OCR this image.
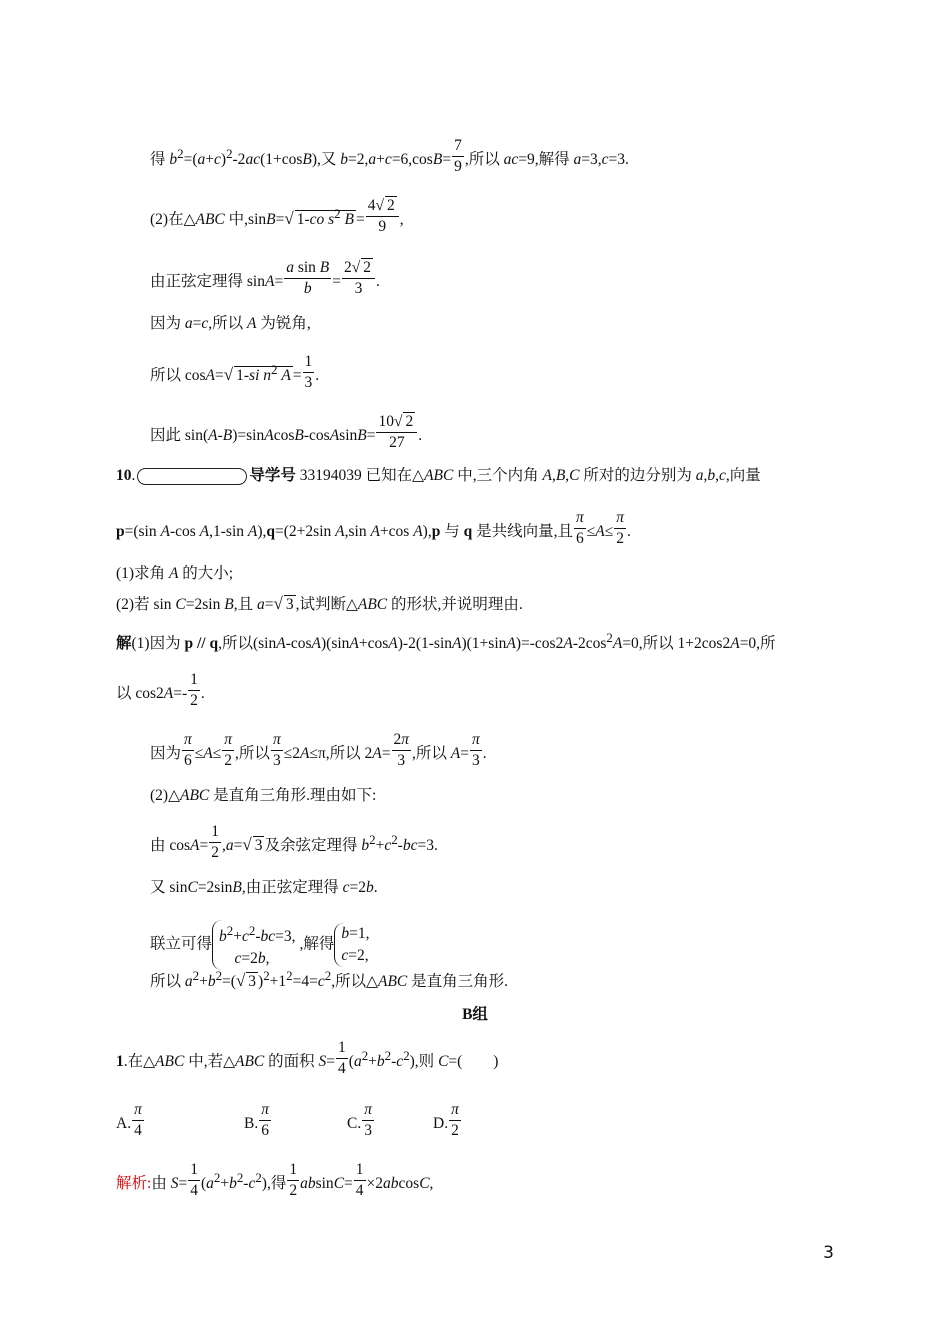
得 $b^2=(a+c)^2-2ac(1+\cos B)$,又 $b=2,a+c=6,\cos B= \frac{7}{9}$ ,所以 ac=9,解得 a=3,c=3.
(2)在△ABC 中,sinB=√ 1-co $s^2$ $B = \frac{4√ 2}{9}$ ,
由正弦定理得 $\sin A= \frac{\text{a sin B}}{b} = \frac{2√ 2}{3}$ .
因为 a=c,所以 A 为锐角,
所以 cosA=√ 1-si $n^2$ $A = \frac{1}{3}$ .
因此 sin(A-B)=sinAcosB-cosAsinB= $\frac{10√ 2}{27}$ .
10.	导学号 33194039 已知在△ABC 中,三个内角 A,B,C 所对的边分别为 a,b,c,向量
p=(sin A-cos A,1-sin A),q=(2+2sin A,sin A+cos A),p 与 q 是共线向量,且 $\frac{\pi}{6} \le A\le \frac{\pi}{2}$ .
(1)求角 A 的大小;
(2)若 sin C=2sin B,且 a=√ 3 ,试判断△ABC 的形状,并说明理由.
解(1)因为 p // q,所以$(\sin A-\cos A)(\sin A+\cos A)-2(1-\sin A)(1+\sin A)=-\cos 2A-2\cos^2A=0$,所以 1+2cos2A=0,所
以 $\cos 2A=- \frac{1}{2}$ .
因为 $\frac{\pi}{6} \le A\le \frac{\pi}{2}$ ,所以 $\frac{\pi}{3} \le 2A\le\pi$,所以 $2A= \frac{2\pi}{3}$ ,所以 $A= \frac{\pi}{3}$ .
(2)△ABC 是直角三角形.理由如下:
由 $\cos A= \frac{1}{2} ,a=√$ 3 及余弦定理得 $b^2+c^2-bc=3$.
又 sinC=2sinB,由正弦定理得 c=2b.
联立可得 $b^2+c^2-bc=3$,
c=2b,,解得b=1,
c=2,
所以 $a^2+b^2=(√$ 3 )$^2+1^2=4=c^2$,所以△ABC 是直角三角形.
B组
1.在△ABC 中,若△ABC 的面积 $S= \frac{1}{4} (a^2+b^2-c^2)$,则 C=(　　)
A. $\frac{\pi}{4}$	B. $\frac{\pi}{6}$	C. $\frac{\pi}{3}$	D. $\frac{\pi}{2}$
解析:由 $S= \frac{1}{4} (a^2+b^2-c^2)$,得 $\frac{1}{2} absinC= \frac{1}{4} \times 2abcosC$,
3
